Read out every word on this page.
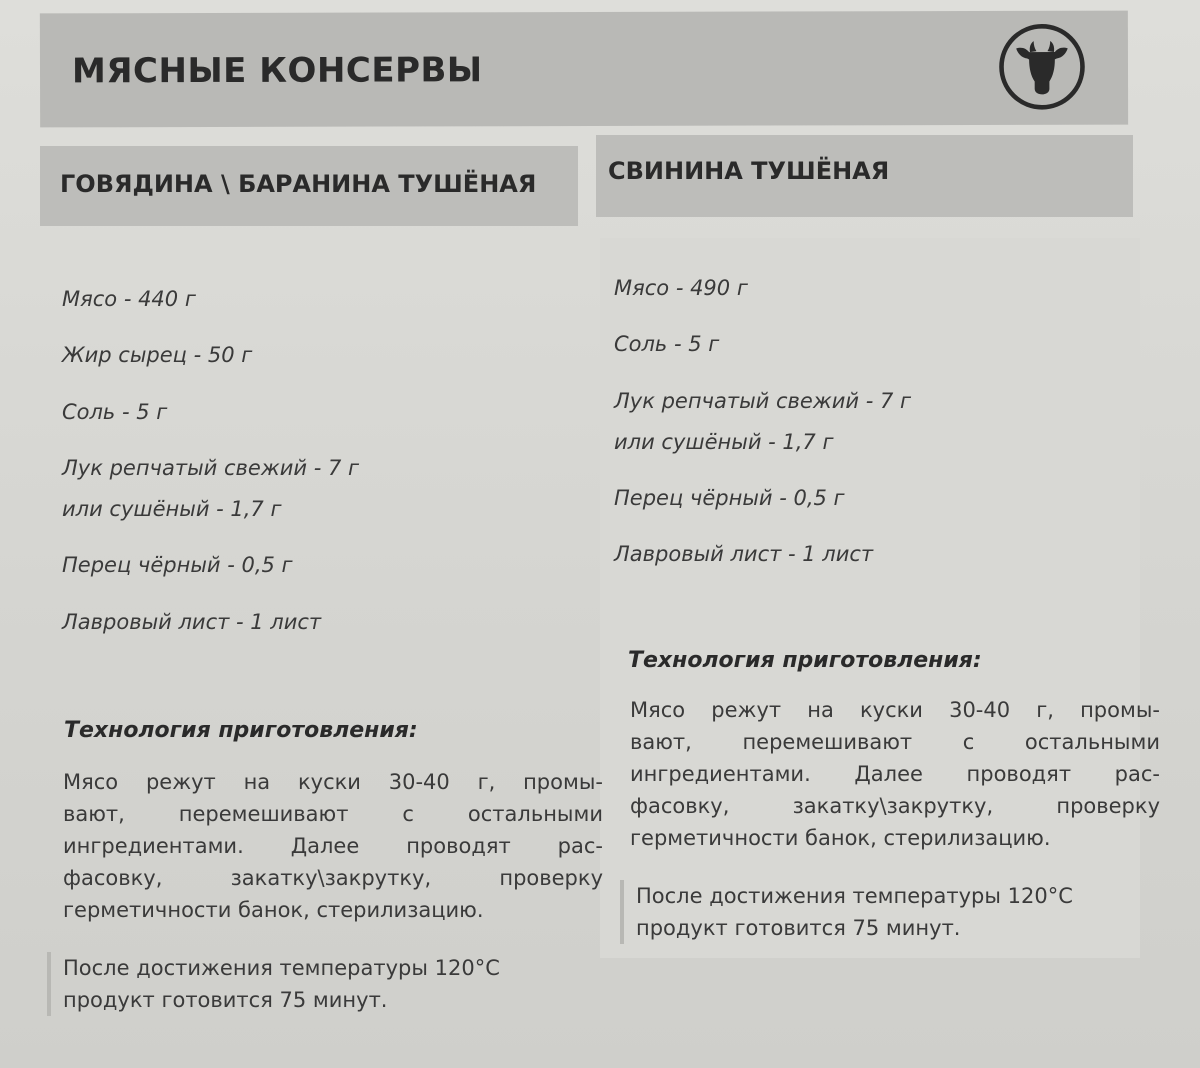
МЯСНЫЕ КОНСЕРВЫ
ГОВЯДИНА \ БАРАНИНА ТУШЁНАЯ	СВИНИНА ТУШЁНАЯ
Мясо - 440 г
Жир сырец - 50 г
Соль - 5 г
Лук репчатый свежий - 7 г
или сушёный - 1,7 г
Перец чёрный - 0,5 г
Лавровый лист - 1 лист
Мясо - 490 г
Соль - 5 г
Лук репчатый свежий - 7 г
или сушёный - 1,7 г
Перец чёрный - 0,5 г
Лавровый лист - 1 лист
Технология приготовления:
Мясо режут на куски 30-40 г, промы-
вают, перемешивают с остальными
ингредиентами. Далее проводят рас-
фасовку, закатку\закрутку, проверку
герметичности банок, стерилизацию.
После достижения температуры 120°C
продукт готовится 75 минут.
Технология приготовления:
Мясо режут на куски 30-40 г, промы-
вают, перемешивают с остальными
ингредиентами. Далее проводят рас-
фасовку, закатку\закрутку, проверку
герметичности банок, стерилизацию.
После достижения температуры 120°C
продукт готовится 75 минут.
